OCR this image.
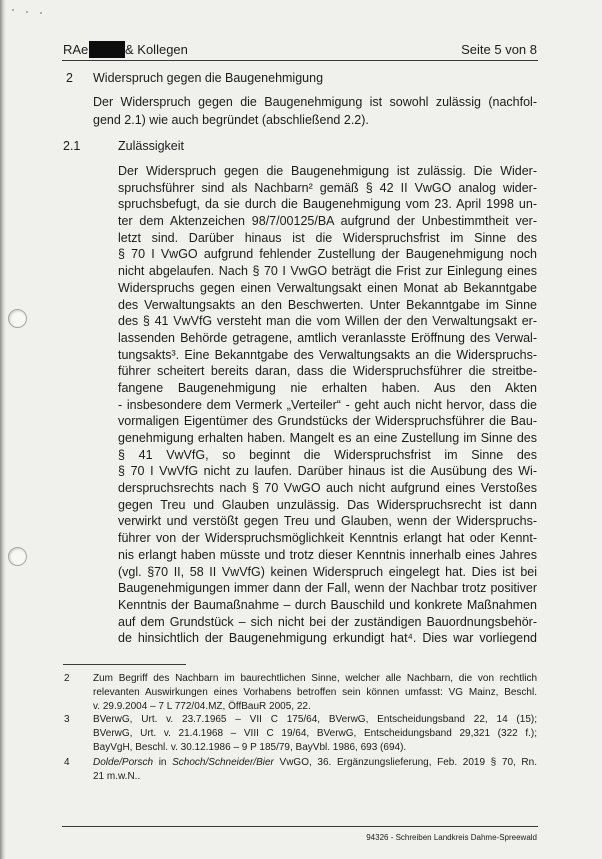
RAe	& Kollegen	Seite 5 von 8
2 Widerspruch gegen die Baugenehmigung
Der Widerspruch gegen die Baugenehmigung ist sowohl zulässig (nachfol-
gend 2.1) wie auch begründet (abschließend 2.2).
2.1	Zulässigkeit
Der Widerspruch gegen die Baugenehmigung ist zulässig. Die Wider-
spruchsführer sind als Nachbarn² gemäß § 42 II VwGO analog wider-
spruchsbefugt, da sie durch die Baugenehmigung vom 23. April 1998 un-
ter dem Aktenzeichen 98/7/00125/BA aufgrund der Unbestimmtheit ver-
letzt sind. Darüber hinaus ist die Widerspruchsfrist im Sinne des
§ 70 I VwGO aufgrund fehlender Zustellung der Baugenehmigung noch
nicht abgelaufen. Nach § 70 I VwGO beträgt die Frist zur Einlegung eines
Widerspruchs gegen einen Verwaltungsakt einen Monat ab Bekanntgabe
des Verwaltungsakts an den Beschwerten. Unter Bekanntgabe im Sinne
des § 41 VwVfG versteht man die vom Willen der den Verwaltungsakt er-
lassenden Behörde getragene, amtlich veranlasste Eröffnung des Verwal-
tungsakts³. Eine Bekanntgabe des Verwaltungsakts an die Widerspruchs-
führer scheitert bereits daran, dass die Widerspruchsführer die streitbe-
fangene Baugenehmigung nie erhalten haben. Aus den Akten
- insbesondere dem Vermerk „Verteiler“ - geht auch nicht hervor, dass die
vormaligen Eigentümer des Grundstücks der Widerspruchsführer die Bau-
genehmigung erhalten haben. Mangelt es an eine Zustellung im Sinne des
§ 41 VwVfG, so beginnt die Widerspruchsfrist im Sinne des
§ 70 I VwVfG nicht zu laufen. Darüber hinaus ist die Ausübung des Wi-
derspruchsrechts nach § 70 VwGO auch nicht aufgrund eines Verstoßes
gegen Treu und Glauben unzulässig. Das Widerspruchsrecht ist dann
verwirkt und verstößt gegen Treu und Glauben, wenn der Widerspruchs-
führer von der Widerspruchsmöglichkeit Kenntnis erlangt hat oder Kennt-
nis erlangt haben müsste und trotz dieser Kenntnis innerhalb eines Jahres
(vgl. §70 II, 58 II VwVfG) keinen Widerspruch eingelegt hat. Dies ist bei
Baugenehmigungen immer dann der Fall, wenn der Nachbar trotz positiver
Kenntnis der Baumaßnahme – durch Bauschild und konkrete Maßnahmen
auf dem Grundstück – sich nicht bei der zuständigen Bauordnungsbehör-
de hinsichtlich der Baugenehmigung erkundigt hat⁴. Dies war vorliegend
2 Zum Begriff des Nachbarn im baurechtlichen Sinne, welcher alle Nachbarn, die von rechtlich
relevanten Auswirkungen eines Vorhabens betroffen sein können umfasst: VG Mainz, Beschl.
v. 29.9.2004 – 7 L 772/04.MZ, ÖffBauR 2005, 22.
3 BVerwG, Urt. v. 23.7.1965 – VII C 175/64, BVerwG, Entscheidungsband 22, 14 (15);
BVerwG, Urt. v. 21.4.1968 – VIII C 19/64, BVerwG, Entscheidungsband 29,321 (322 f.);
BayVgH, Beschl. v. 30.12.1986 – 9 P 185/79, BayVbl. 1986, 693 (694).
4 Dolde/Porsch in Schoch/Schneider/Bier VwGO, 36. Ergänzungslieferung, Feb. 2019 § 70, Rn.
21 m.w.N..
94326 - Schreiben Landkreis Dahme-Spreewald
